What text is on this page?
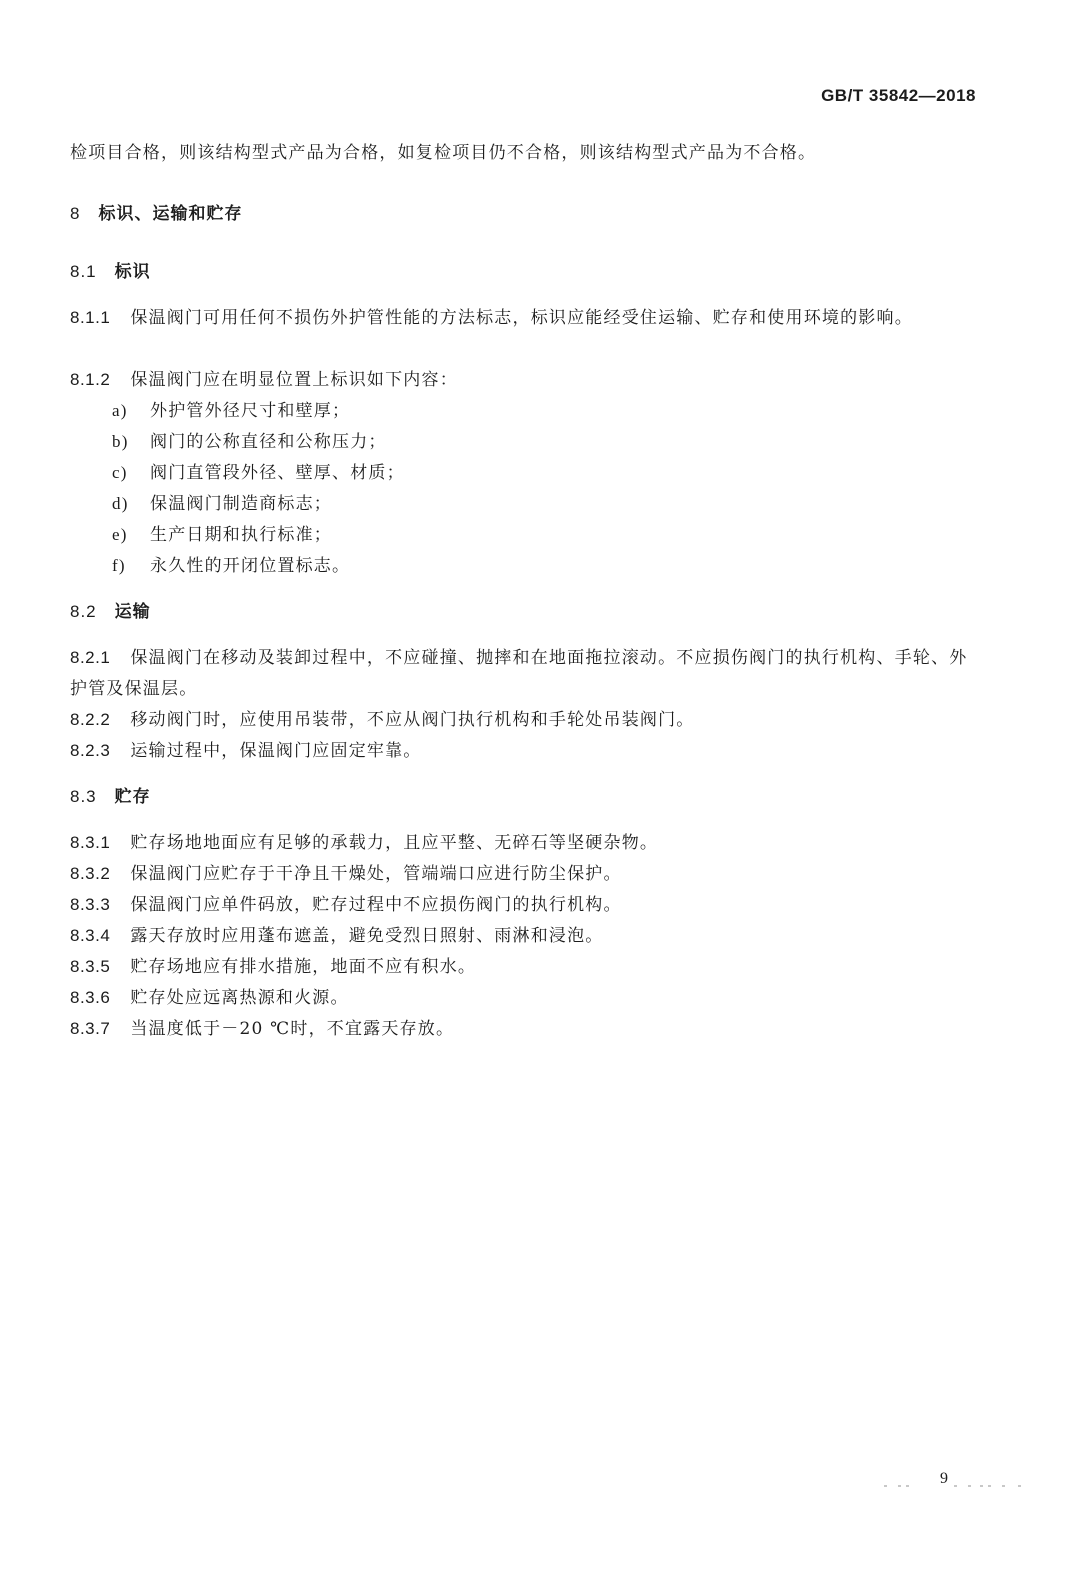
GB/T 35842—2018
检项目合格，则该结构型式产品为合格，如复检项目仍不合格，则该结构型式产品为不合格。
8 标识、运输和贮存
8.1 标识
8.1.1 保温阀门可用任何不损伤外护管性能的方法标志，标识应能经受住运输、贮存和使用环境的影响。
8.1.2 保温阀门应在明显位置上标识如下内容：
a) 外护管外径尺寸和壁厚；
b) 阀门的公称直径和公称压力；
c) 阀门直管段外径、壁厚、材质；
d) 保温阀门制造商标志；
e) 生产日期和执行标准；
f) 永久性的开闭位置标志。
8.2 运输
8.2.1 保温阀门在移动及装卸过程中，不应碰撞、抛摔和在地面拖拉滚动。不应损伤阀门的执行机构、手轮、外护管及保温层。
8.2.2 移动阀门时，应使用吊装带，不应从阀门执行机构和手轮处吊装阀门。
8.2.3 运输过程中，保温阀门应固定牢靠。
8.3 贮存
8.3.1 贮存场地地面应有足够的承载力，且应平整、无碎石等坚硬杂物。
8.3.2 保温阀门应贮存于干净且干燥处，管端端口应进行防尘保护。
8.3.3 保温阀门应单件码放，贮存过程中不应损伤阀门的执行机构。
8.3.4 露天存放时应用蓬布遮盖，避免受烈日照射、雨淋和浸泡。
8.3.5 贮存场地应有排水措施，地面不应有积水。
8.3.6 贮存处应远离热源和火源。
8.3.7 当温度低于－20 ℃时，不宜露天存放。
9
